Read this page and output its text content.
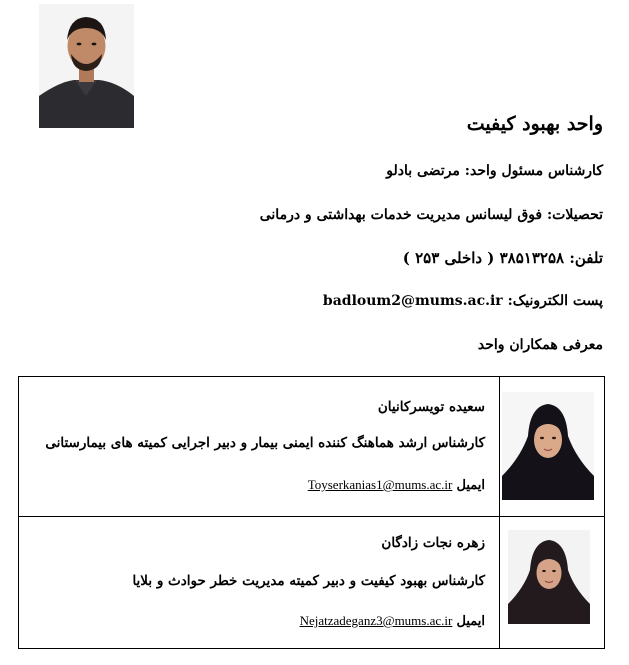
واحد بهبود کیفیت
کارشناس مسئول واحد: مرتضی بادلو
تحصیلات: فوق لیسانس مدیریت خدمات بهداشتی و درمانی
تلفن: ۳۸۵۱۳۲۵۸ ( داخلی ۲۵۳ )
پست الکترونیک: badloum2@mums.ac.ir
معرفی همکاران واحد
سعیده تویسرکانیان
کارشناس ارشد هماهنگ کننده ایمنی بیمار و دبیر اجرایی کمیته های بیمارستانی
ایمیل Toyserkanias1@mums.ac.ir

زهره نجات زادگان
کارشناس بهبود کیفیت و دبیر کمیته مدیریت خطر حوادث و بلایا
ایمیل Nejatzadeganz3@mums.ac.ir
